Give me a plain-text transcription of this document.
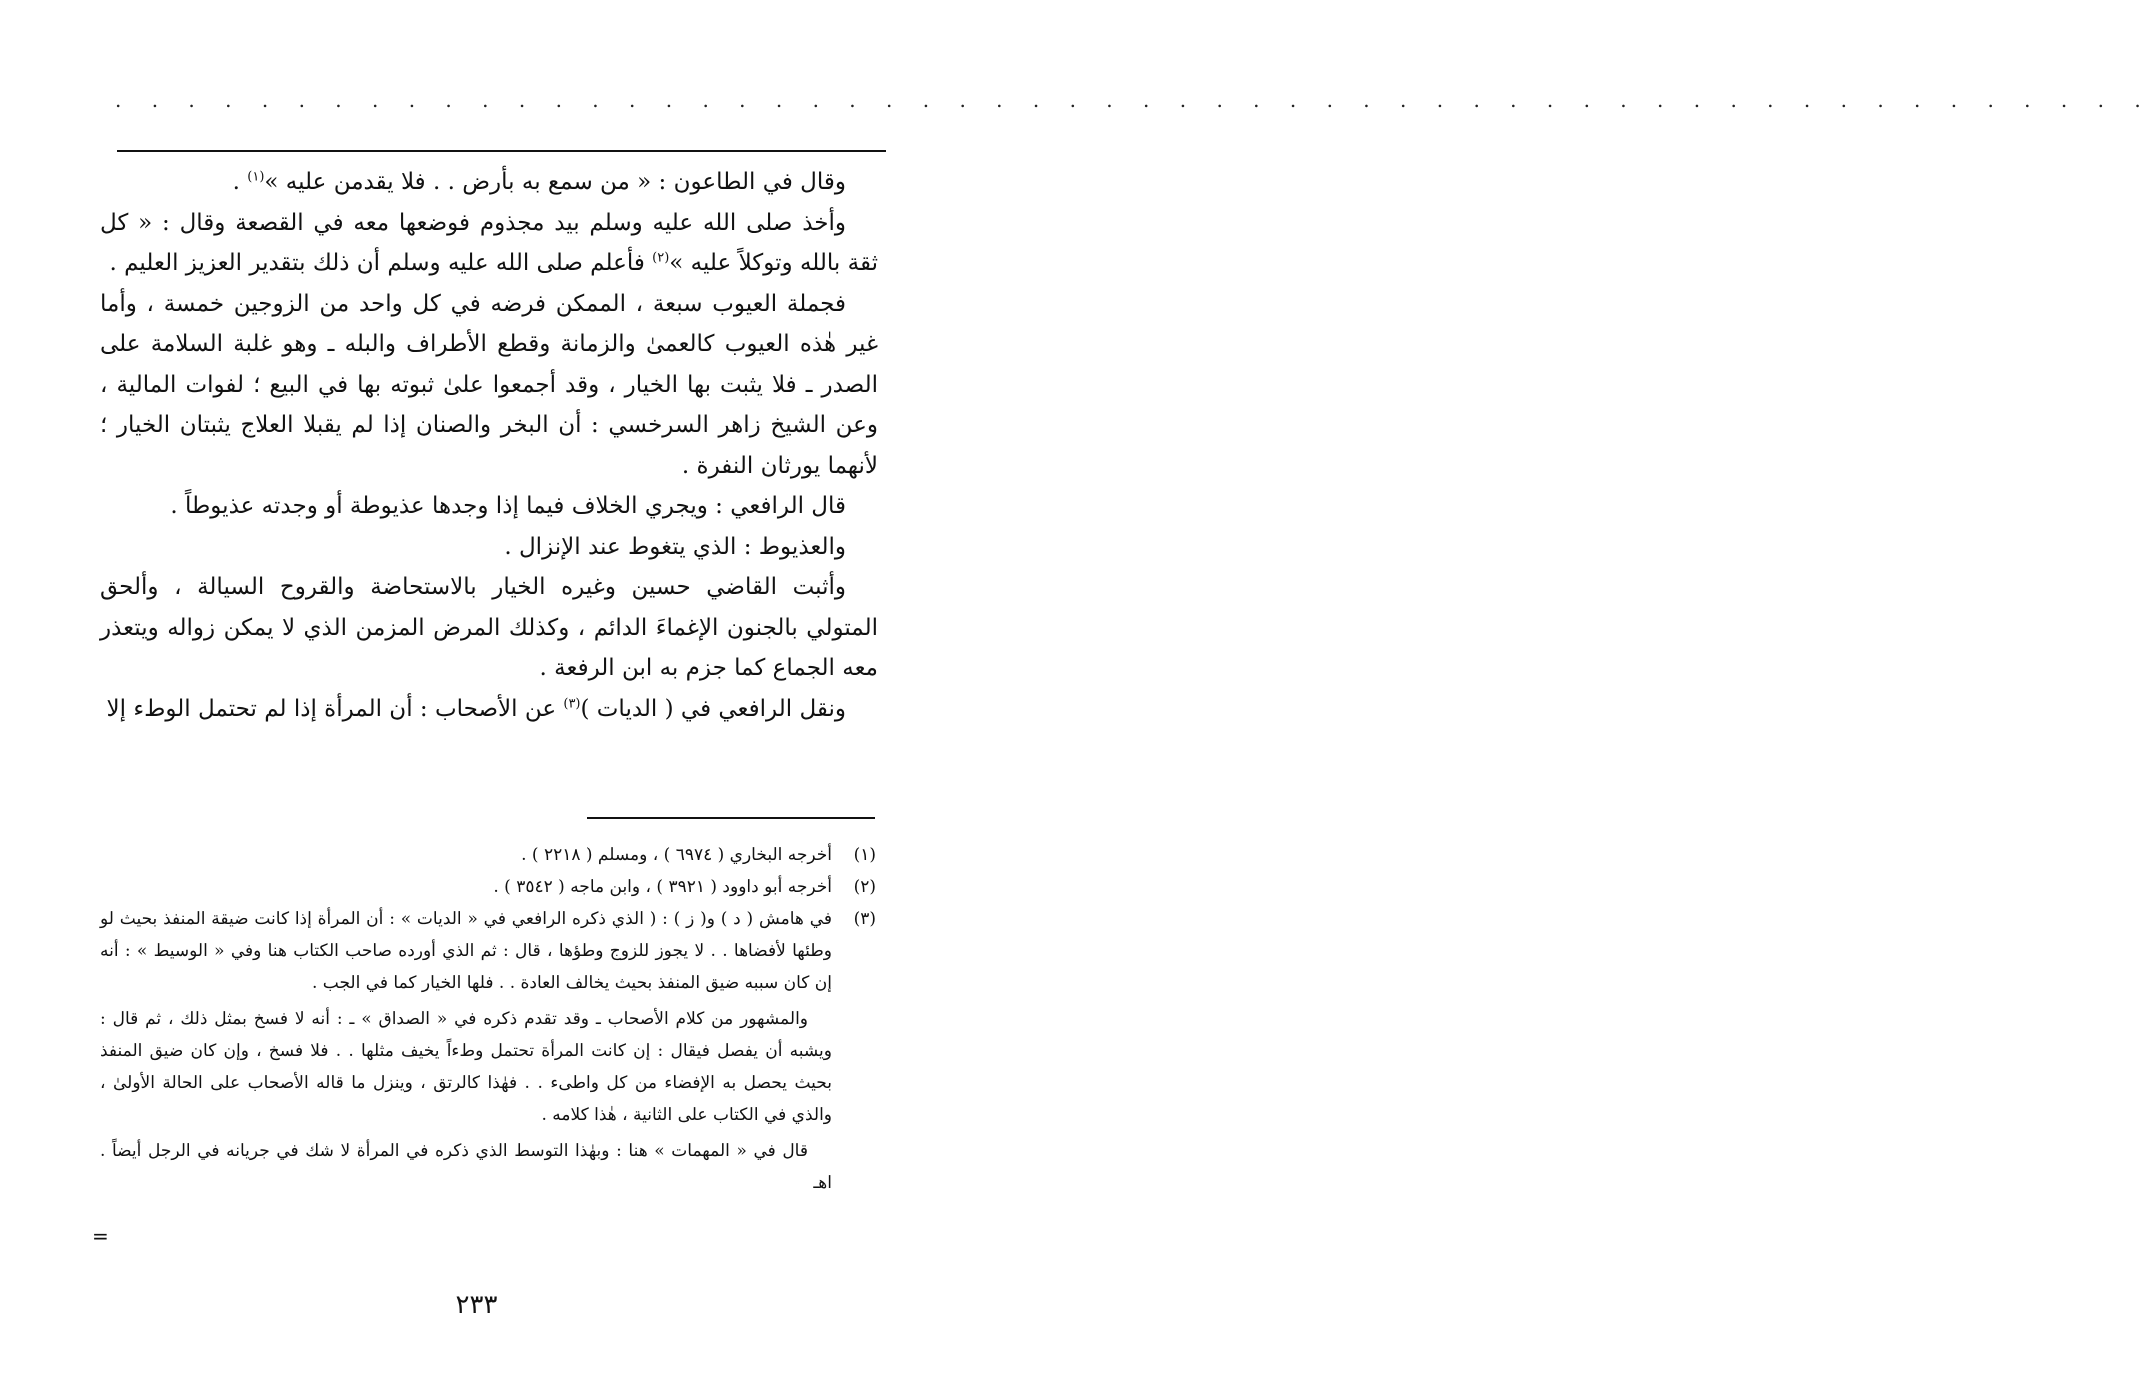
. . . . . . . . . . . . . . . . . . . . . . . . . . . . . . . . . . . . . . . . . . . . . . . . . . . . . . . .

وقال في الطاعون : « من سمع به بأرض . . فلا يقدمن عليه »$^{(١)}$ .

وأخذ صلى الله عليه وسلم بيد مجذوم فوضعها معه في القصعة وقال : « كل ثقة بالله وتوكلاً عليه »$^{(٢)}$ فأعلم صلى الله عليه وسلم أن ذلك بتقدير العزيز العليم .

فجملة العيوب سبعة ، الممكن فرضه في كل واحد من الزوجين خمسة ، وأما غير هٰذه العيوب كالعمىٰ والزمانة وقطع الأطراف والبله ـ وهو غلبة السلامة على الصدر ـ فلا يثبت بها الخيار ، وقد أجمعوا علىٰ ثبوته بها في البيع ؛ لفوات المالية ، وعن الشيخ زاهر السرخسي : أن البخر والصنان إذا لم يقبلا العلاج يثبتان الخيار ؛ لأنهما يورثان النفرة .

قال الرافعي : ويجري الخلاف فيما إذا وجدها عذيوطة أو وجدته عذيوطاً .

والعذيوط : الذي يتغوط عند الإنزال .

وأثبت القاضي حسين وغيره الخيار بالاستحاضة والقروح السيالة ، وألحق المتولي بالجنون الإغماءَ الدائم ، وكذلك المرض المزمن الذي لا يمكن زواله ويتعذر معه الجماع كما جزم به ابن الرفعة .

ونقل الرافعي في ( الديات )$^{(٣)}$ عن الأصحاب : أن المرأة إذا لم تحتمل الوطء إلا

(١)
أخرجه البخاري ( ٦٩٧٤ ) ، ومسلم ( ٢٢١٨ ) .
(٢)
أخرجه أبو داوود ( ٣٩٢١ ) ، وابن ماجه ( ٣٥٤٢ ) .
(٣)
في هامش ( د ) و( ز ) : ( الذي ذكره الرافعي في « الديات » : أن المرأة إذا كانت ضيقة المنفذ بحيث لو وطئها لأفضاها . . لا يجوز للزوج وطؤها ، قال : ثم الذي أورده صاحب الكتاب هنا وفي « الوسيط » : أنه إن كان سببه ضيق المنفذ بحيث يخالف العادة . . فلها الخيار كما في الجب .

والمشهور من كلام الأصحاب ـ وقد تقدم ذكره في « الصداق » ـ : أنه لا فسخ بمثل ذلك ، ثم قال : ويشبه أن يفصل فيقال : إن كانت المرأة تحتمل وطءاً يخيف مثلها . . فلا فسخ ، وإن كان ضيق المنفذ بحيث يحصل به الإفضاء من كل واطىء . . فهٰذا كالرتق ، وينزل ما قاله الأصحاب على الحالة الأولىٰ ، والذي في الكتاب على الثانية ، هٰذا كلامه .

قال في « المهمات » هنا : وبهٰذا التوسط الذي ذكره في المرأة لا شك في جريانه في الرجل أيضاً . اهـ

=
٢٣٣
